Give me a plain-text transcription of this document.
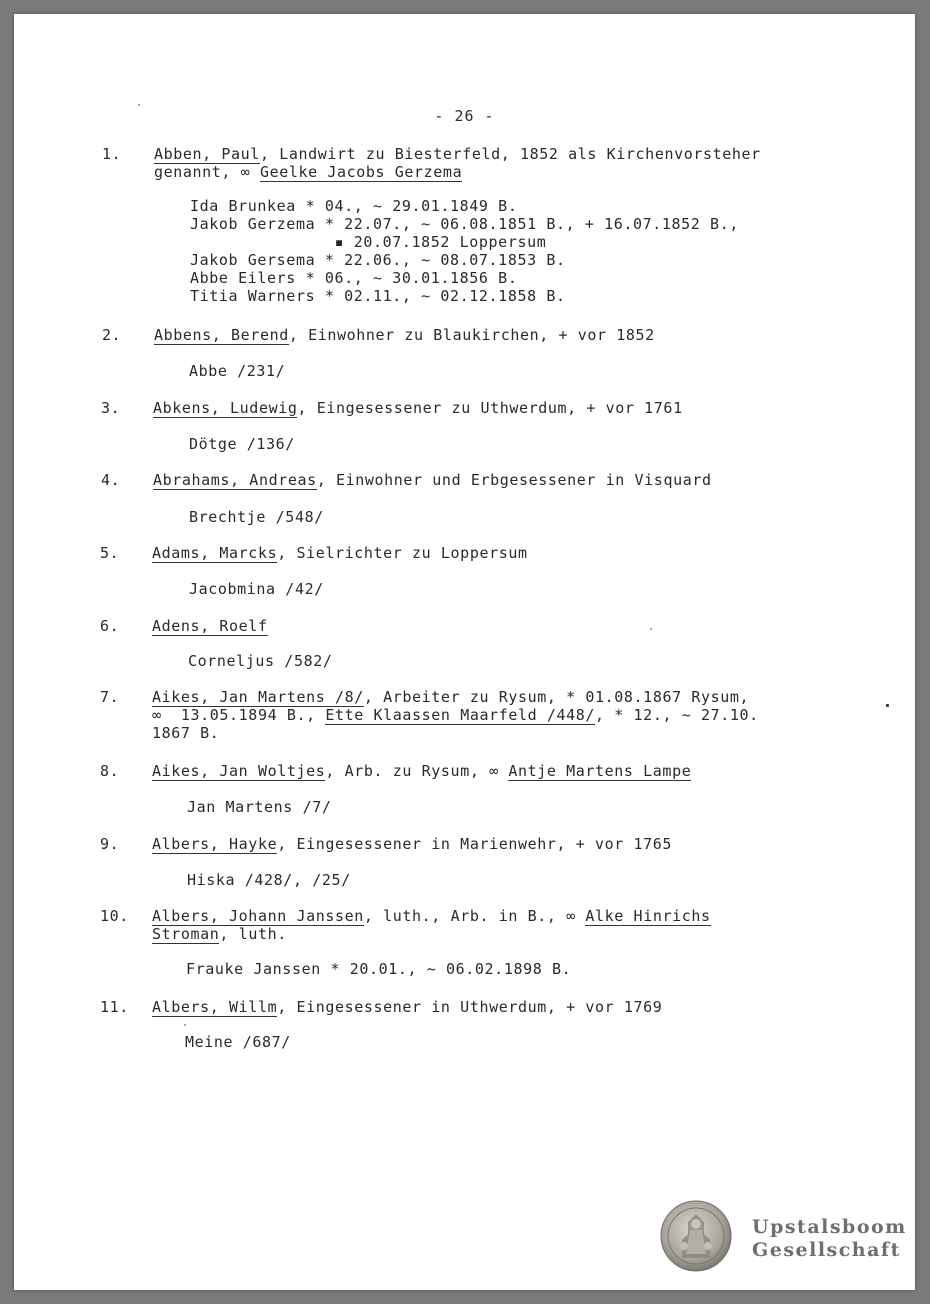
- 26 -
1.	Abben, Paul, Landwirt zu Biesterfeld, 1852 als Kirchenvorsteher
genannt, ∞ Geelke Jacobs Gerzema
Ida Brunkea * 04., ~ 29.01.1849 B.
Jakob Gerzema * 22.07., ~ 06.08.1851 B., + 16.07.1852 B.,
▪ 20.07.1852 Loppersum
Jakob Gersema * 22.06., ~ 08.07.1853 B.
Abbe Eilers * 06., ~ 30.01.1856 B.
Titia Warners * 02.11., ~ 02.12.1858 B.
2.	Abbens, Berend, Einwohner zu Blaukirchen, + vor 1852
Abbe /231/
3.	Abkens, Ludewig, Eingesessener zu Uthwerdum, + vor 1761
Dötge /136/
4.	Abrahams, Andreas, Einwohner und Erbgesessener in Visquard
Brechtje /548/
5.	Adams, Marcks, Sielrichter zu Loppersum
Jacobmina /42/
6.	Adens, Roelf
Corneljus /582/
7.	Aikes, Jan Martens /8/, Arbeiter zu Rysum, * 01.08.1867 Rysum,
∞  13.05.1894 B., Ette Klaassen Maarfeld /448/, * 12., ~ 27.10.
1867 B.
8.	Aikes, Jan Woltjes, Arb. zu Rysum, ∞ Antje Martens Lampe
Jan Martens /7/
9.	Albers, Hayke, Eingesessener in Marienwehr, + vor 1765
Hiska /428/, /25/
10.	Albers, Johann Janssen, luth., Arb. in B., ∞ Alke Hinrichs
Stroman, luth.
Frauke Janssen * 20.01., ~ 06.02.1898 B.
11.	Albers, Willm, Eingesessener in Uthwerdum, + vor 1769
Meine /687/
Upstalsboom
Gesellschaft
